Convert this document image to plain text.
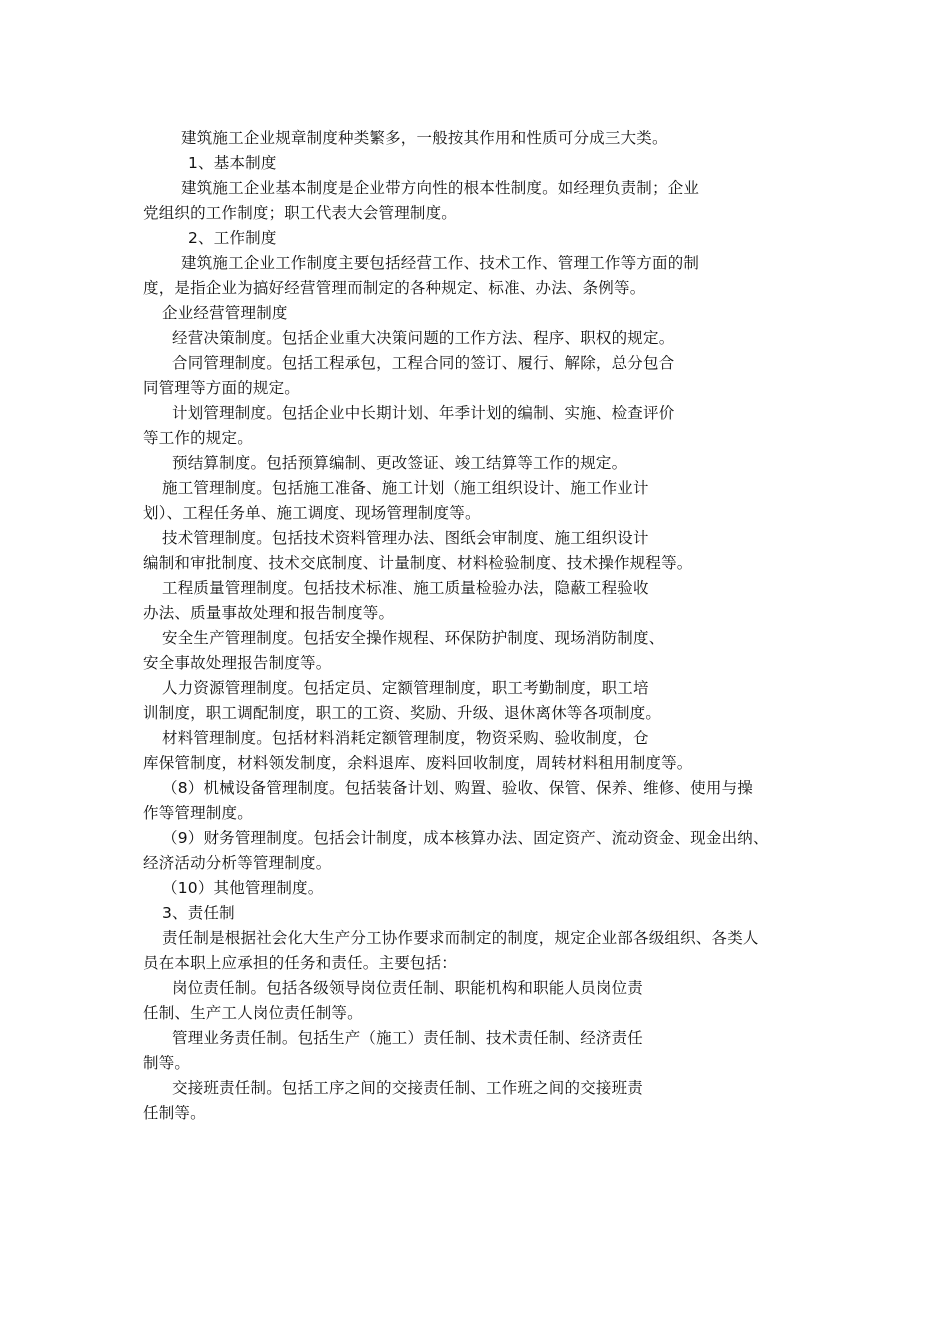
建筑施工企业规章制度种类繁多，一般按其作用和性质可分成三大类。
1、基本制度
建筑施工企业基本制度是企业带方向性的根本性制度。如经理负责制；企业
党组织的工作制度；职工代表大会管理制度。
2、工作制度
建筑施工企业工作制度主要包括经营工作、技术工作、管理工作等方面的制
度，是指企业为搞好经营管理而制定的各种规定、标准、办法、条例等。
企业经营管理制度
经营决策制度。包括企业重大决策问题的工作方法、程序、职权的规定。
合同管理制度。包括工程承包，工程合同的签订、履行、解除，总分包合
同管理等方面的规定。
计划管理制度。包括企业中长期计划、年季计划的编制、实施、检查评价
等工作的规定。
预结算制度。包括预算编制、更改签证、竣工结算等工作的规定。
施工管理制度。包括施工准备、施工计划（施工组织设计、施工作业计
划）、工程任务单、施工调度、现场管理制度等。
技术管理制度。包括技术资料管理办法、图纸会审制度、施工组织设计
编制和审批制度、技术交底制度、计量制度、材料检验制度、技术操作规程等。
工程质量管理制度。包括技术标准、施工质量检验办法，隐蔽工程验收
办法、质量事故处理和报告制度等。
安全生产管理制度。包括安全操作规程、环保防护制度、现场消防制度、
安全事故处理报告制度等。
人力资源管理制度。包括定员、定额管理制度，职工考勤制度，职工培
训制度，职工调配制度，职工的工资、奖励、升级、退休离休等各项制度。
材料管理制度。包括材料消耗定额管理制度，物资采购、验收制度，仓
库保管制度，材料领发制度，余料退库、废料回收制度，周转材料租用制度等。
（8）机械设备管理制度。包括装备计划、购置、验收、保管、保养、维修、使用与操
作等管理制度。
（9）财务管理制度。包括会计制度，成本核算办法、固定资产、流动资金、现金出纳、
经济活动分析等管理制度。
（10）其他管理制度。
3、责任制
责任制是根据社会化大生产分工协作要求而制定的制度，规定企业部各级组织、各类人
员在本职上应承担的任务和责任。主要包括：
岗位责任制。包括各级领导岗位责任制、职能机构和职能人员岗位责
任制、生产工人岗位责任制等。
管理业务责任制。包括生产（施工）责任制、技术责任制、经济责任
制等。
交接班责任制。包括工序之间的交接责任制、工作班之间的交接班责
任制等。
